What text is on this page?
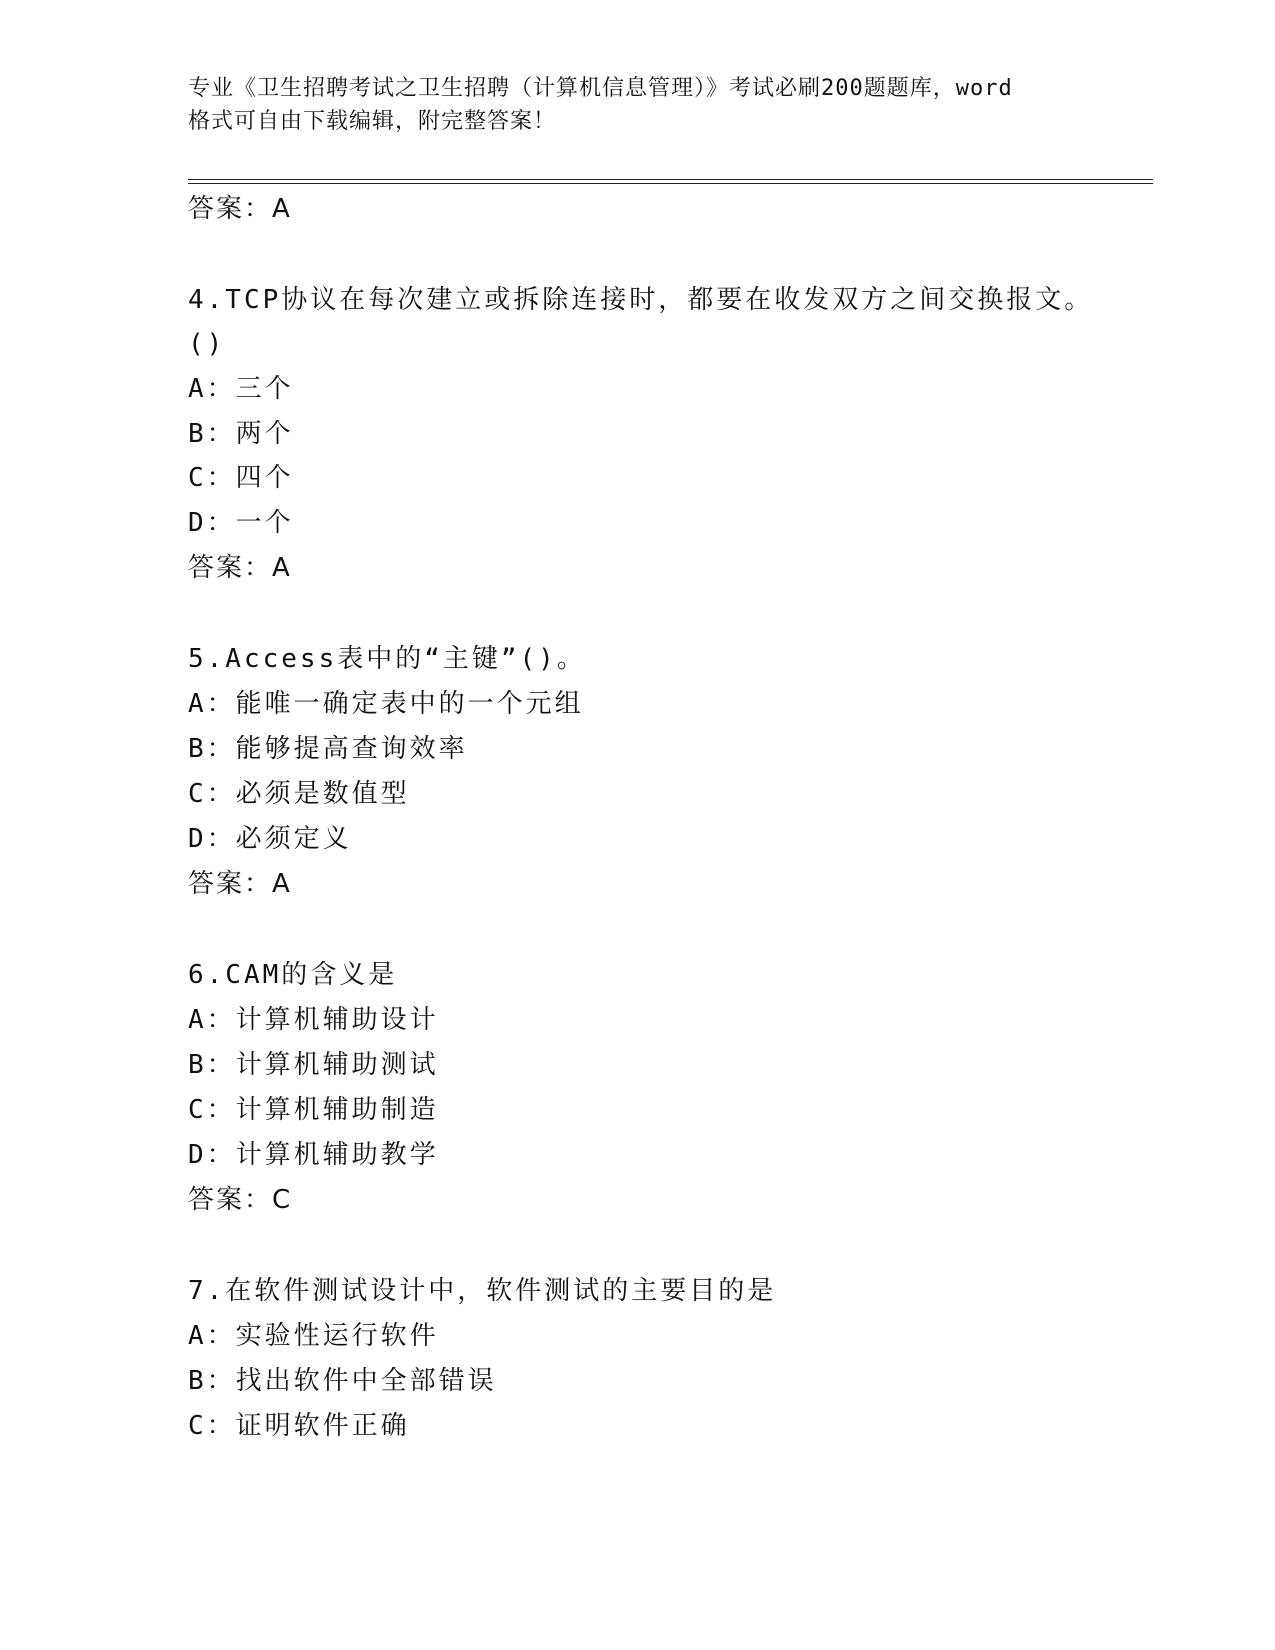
专业《卫生招聘考试之卫生招聘（计算机信息管理）》考试必刷200题题库，word
格式可自由下载编辑，附完整答案！
答案：A
4.TCP协议在每次建立或拆除连接时，都要在收发双方之间交换报文。
()
A：三个
B：两个
C：四个
D：一个
答案：A
5.Access表中的“主键”()。
A：能唯一确定表中的一个元组
B：能够提高查询效率
C：必须是数值型
D：必须定义
答案：A
6.CAM的含义是
A：计算机辅助设计
B：计算机辅助测试
C：计算机辅助制造
D：计算机辅助教学
答案：C
7.在软件测试设计中，软件测试的主要目的是
A：实验性运行软件
B：找出软件中全部错误
C：证明软件正确
